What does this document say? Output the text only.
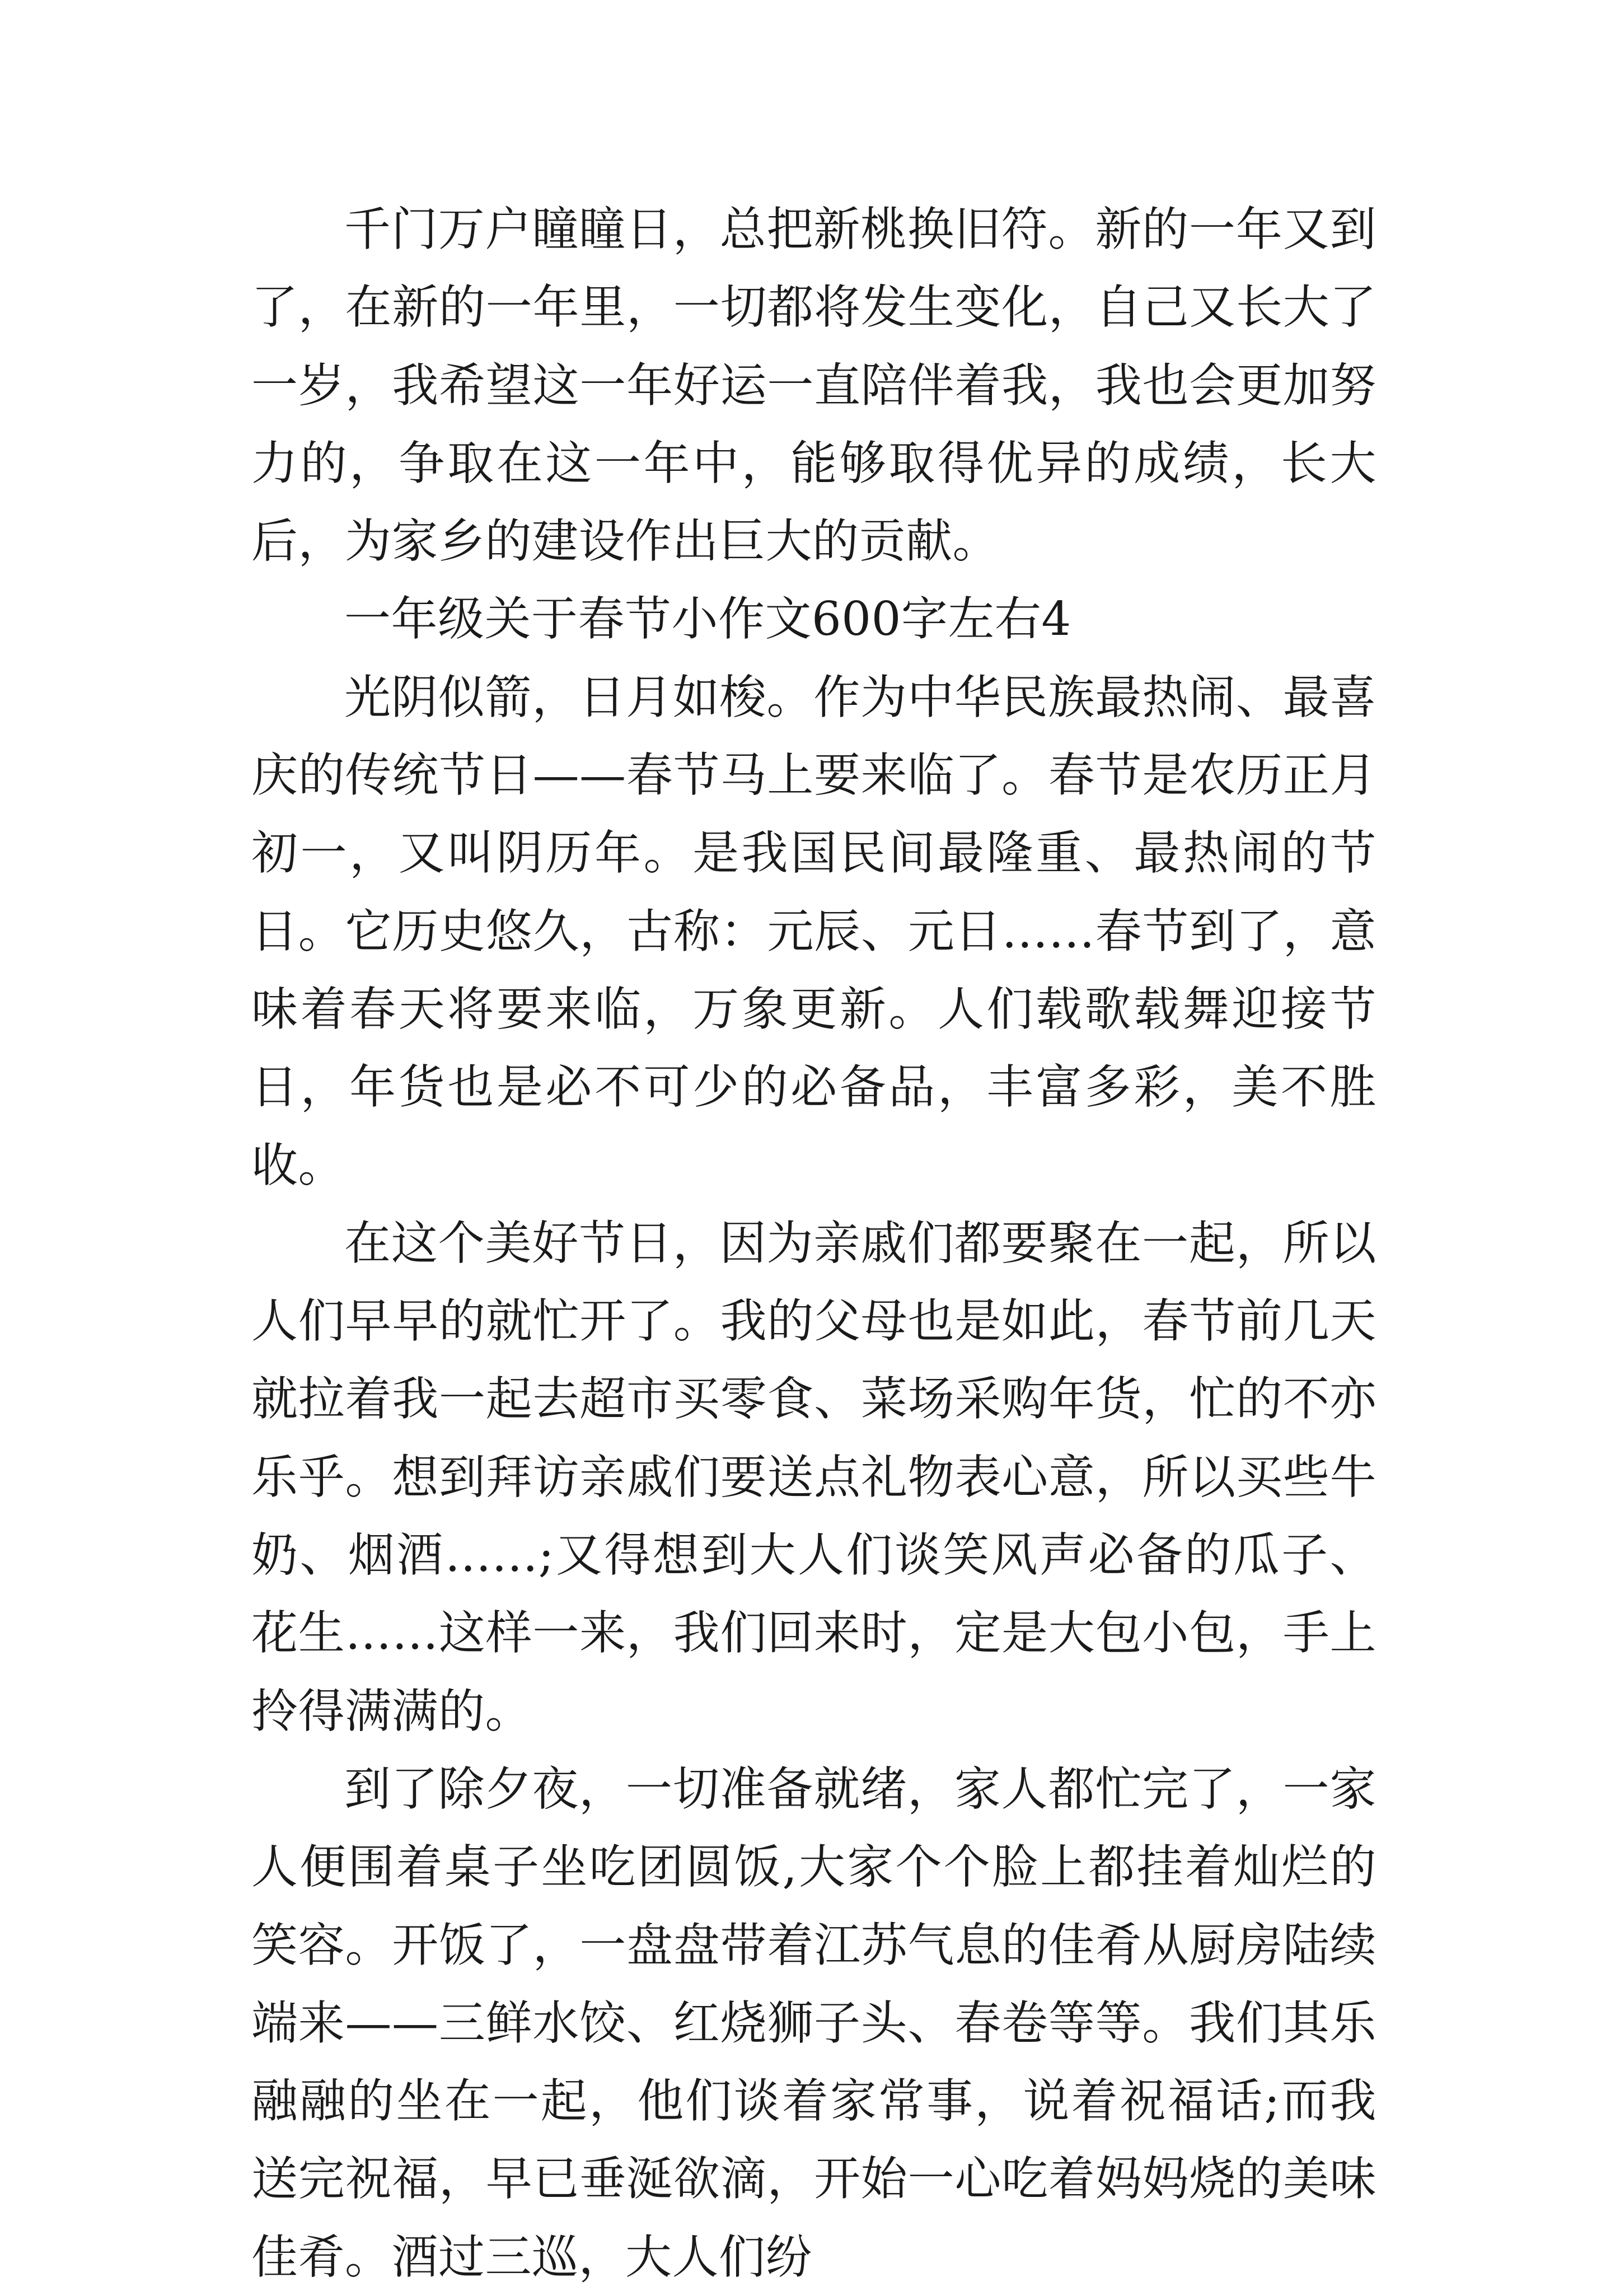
千门万户瞳瞳日，总把新桃换旧符。新的一年又到了，在新的一年里，一切都将发生变化，自己又长大了一岁，我希望这一年好运一直陪伴着我，我也会更加努力的，争取在这一年中，能够取得优异的成绩，长大后，为家乡的建设作出巨大的贡献。

一年级关于春节小作文600字左右4

光阴似箭，日月如梭。作为中华民族最热闹、最喜庆的传统节日——春节马上要来临了。春节是农历正月初一，又叫阴历年。是我国民间最隆重、最热闹的节日。它历史悠久，古称：元辰、元日……春节到了，意味着春天将要来临，万象更新。人们载歌载舞迎接节日，年货也是必不可少的必备品，丰富多彩，美不胜收。

在这个美好节日，因为亲戚们都要聚在一起，所以人们早早的就忙开了。我的父母也是如此，春节前几天就拉着我一起去超市买零食、菜场采购年货，忙的不亦乐乎。想到拜访亲戚们要送点礼物表心意，所以买些牛奶、烟酒……;又得想到大人们谈笑风声必备的瓜子、花生……这样一来，我们回来时，定是大包小包，手上拎得满满的。

到了除夕夜，一切准备就绪，家人都忙完了，一家人便围着桌子坐吃团圆饭,大家个个脸上都挂着灿烂的笑容。开饭了，一盘盘带着江苏气息的佳肴从厨房陆续端来——三鲜水饺、红烧狮子头、春卷等等。我们其乐融融的坐在一起，他们谈着家常事，说着祝福话;而我送完祝福，早已垂涎欲滴，开始一心吃着妈妈烧的美味佳肴。酒过三巡，大人们纷
